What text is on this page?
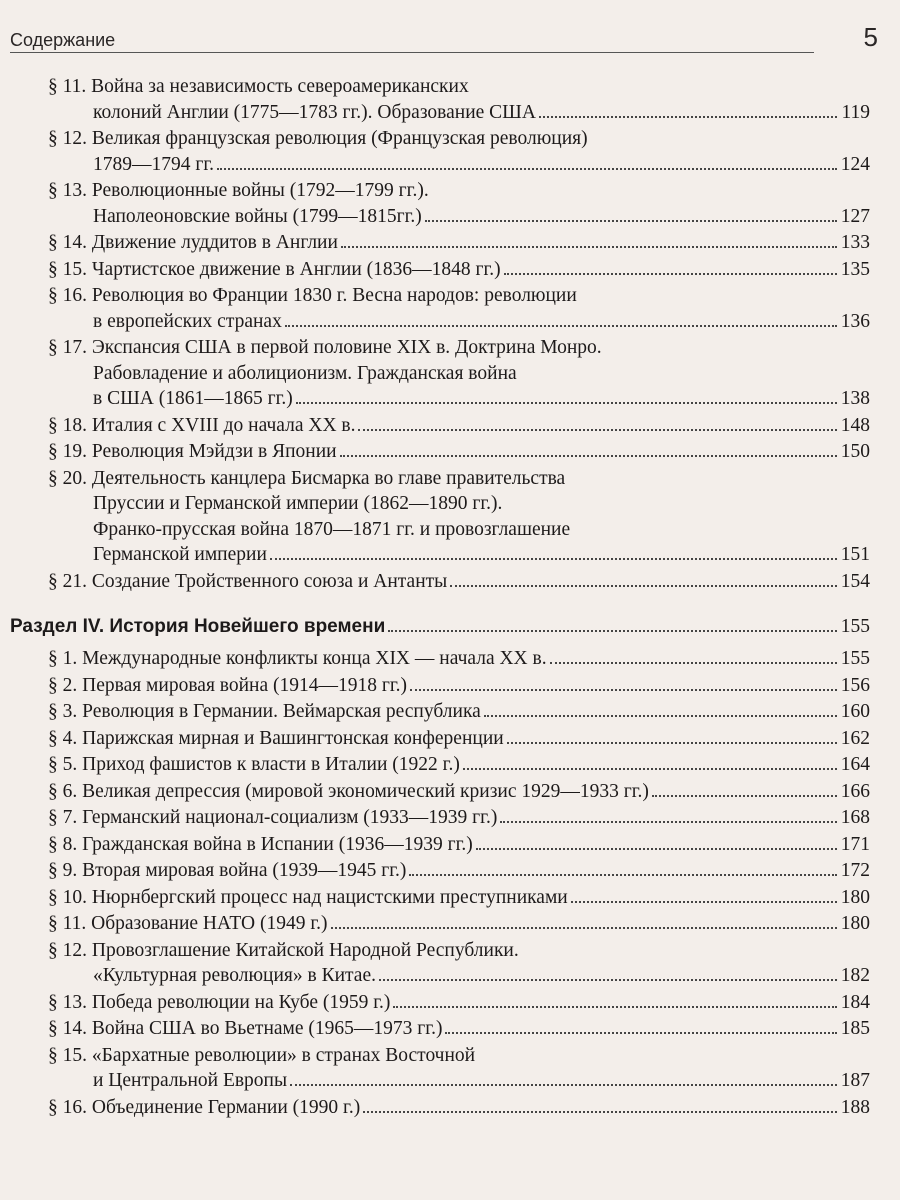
Содержание	5
§ 11. Война за независимость североамериканских
колоний Англии (1775—1783 гг.). Образование США	119
§ 12. Великая французская революция (Французская революция)
1789—1794 гг.	124
§ 13. Революционные войны (1792—1799 гг.).
Наполеоновские войны (1799—1815гг.)	127
§ 14. Движение луддитов в Англии	133
§ 15. Чартистское движение в Англии (1836—1848 гг.)	135
§ 16. Революция во Франции 1830 г. Весна народов: революции
в европейских странах	136
§ 17. Экспансия США в первой половине XIX в. Доктрина Монро.
Рабовладение и аболиционизм. Гражданская война
в США (1861—1865 гг.)	138
§ 18. Италия с XVIII до начала XX в.	148
§ 19. Революция Мэйдзи в Японии	150
§ 20. Деятельность канцлера Бисмарка во главе правительства
Пруссии и Германской империи (1862—1890 гг.).
Франко-прусская война 1870—1871 гг. и провозглашение
Германской империи	151
§ 21. Создание Тройственного союза и Антанты	154
Раздел IV. История Новейшего времени	155
§ 1. Международные конфликты конца XIX — начала XX в.	155
§ 2. Первая мировая война (1914—1918 гг.)	156
§ 3. Революция в Германии. Веймарская республика	160
§ 4. Парижская мирная и Вашингтонская конференции	162
§ 5. Приход фашистов к власти в Италии (1922 г.)	164
§ 6. Великая депрессия (мировой экономический кризис 1929—1933 гг.)	166
§ 7. Германский национал-социализм (1933—1939 гг.)	168
§ 8. Гражданская война в Испании (1936—1939 гг.)	171
§ 9. Вторая мировая война (1939—1945 гг.)	172
§ 10. Нюрнбергский процесс над нацистскими преступниками	180
§ 11. Образование НАТО (1949 г.)	180
§ 12. Провозглашение Китайской Народной Республики.
«Культурная революция» в Китае.	182
§ 13. Победа революции на Кубе (1959 г.)	184
§ 14. Война США во Вьетнаме (1965—1973 гг.)	185
§ 15. «Бархатные революции» в странах Восточной
и Центральной Европы	187
§ 16. Объединение Германии (1990 г.)	188
